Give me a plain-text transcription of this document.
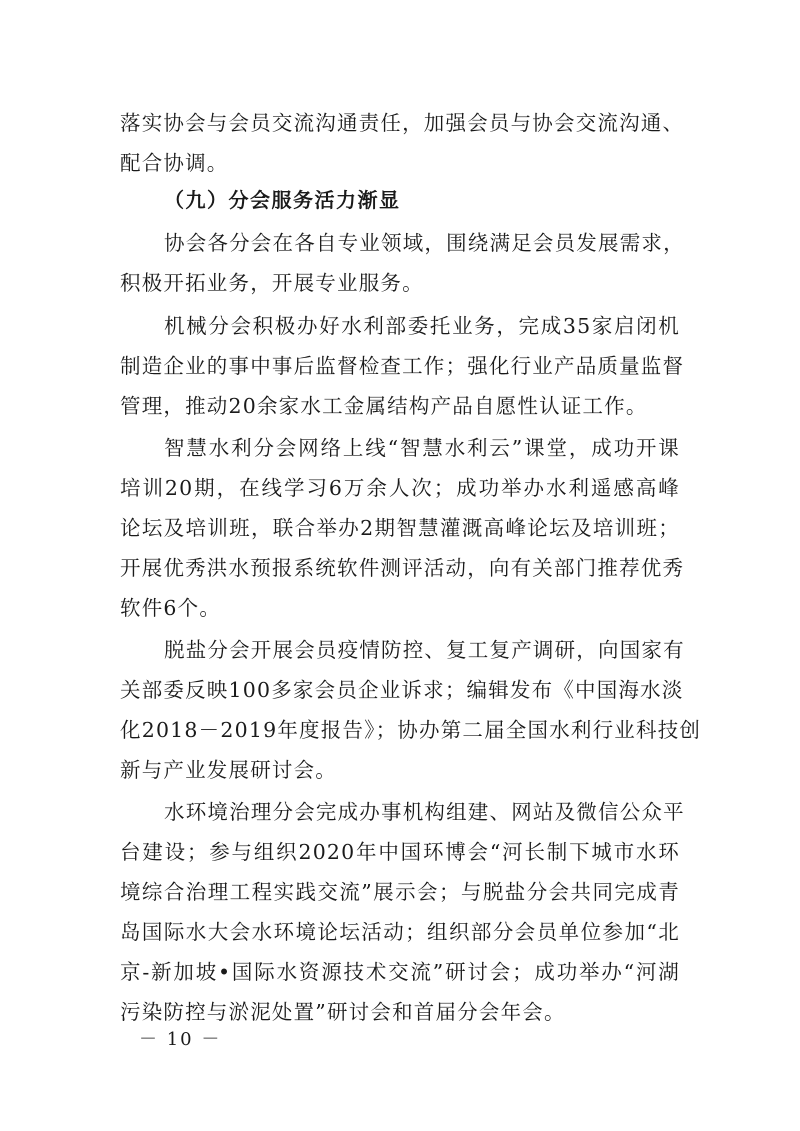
落实协会与会员交流沟通责任，加强会员与协会交流沟通、
配合协调。
（九）分会服务活力渐显
协会各分会在各自专业领域，围绕满足会员发展需求，
积极开拓业务，开展专业服务。
机械分会积极办好水利部委托业务，完成35家启闭机
制造企业的事中事后监督检查工作；强化行业产品质量监督
管理，推动20余家水工金属结构产品自愿性认证工作。
智慧水利分会网络上线“智慧水利云”课堂，成功开课
培训20期，在线学习6万余人次；成功举办水利遥感高峰
论坛及培训班，联合举办2期智慧灌溉高峰论坛及培训班；
开展优秀洪水预报系统软件测评活动，向有关部门推荐优秀
软件6个。
脱盐分会开展会员疫情防控、复工复产调研，向国家有
关部委反映100多家会员企业诉求；编辑发布《中国海水淡
化2018－2019年度报告》；协办第二届全国水利行业科技创
新与产业发展研讨会。
水环境治理分会完成办事机构组建、网站及微信公众平
台建设；参与组织2020年中国环博会“河长制下城市水环
境综合治理工程实践交流”展示会；与脱盐分会共同完成青
岛国际水大会水环境论坛活动；组织部分会员单位参加“北
京-新加坡•国际水资源技术交流”研讨会；成功举办“河湖
污染防控与淤泥处置”研讨会和首届分会年会。
－ 10 －
